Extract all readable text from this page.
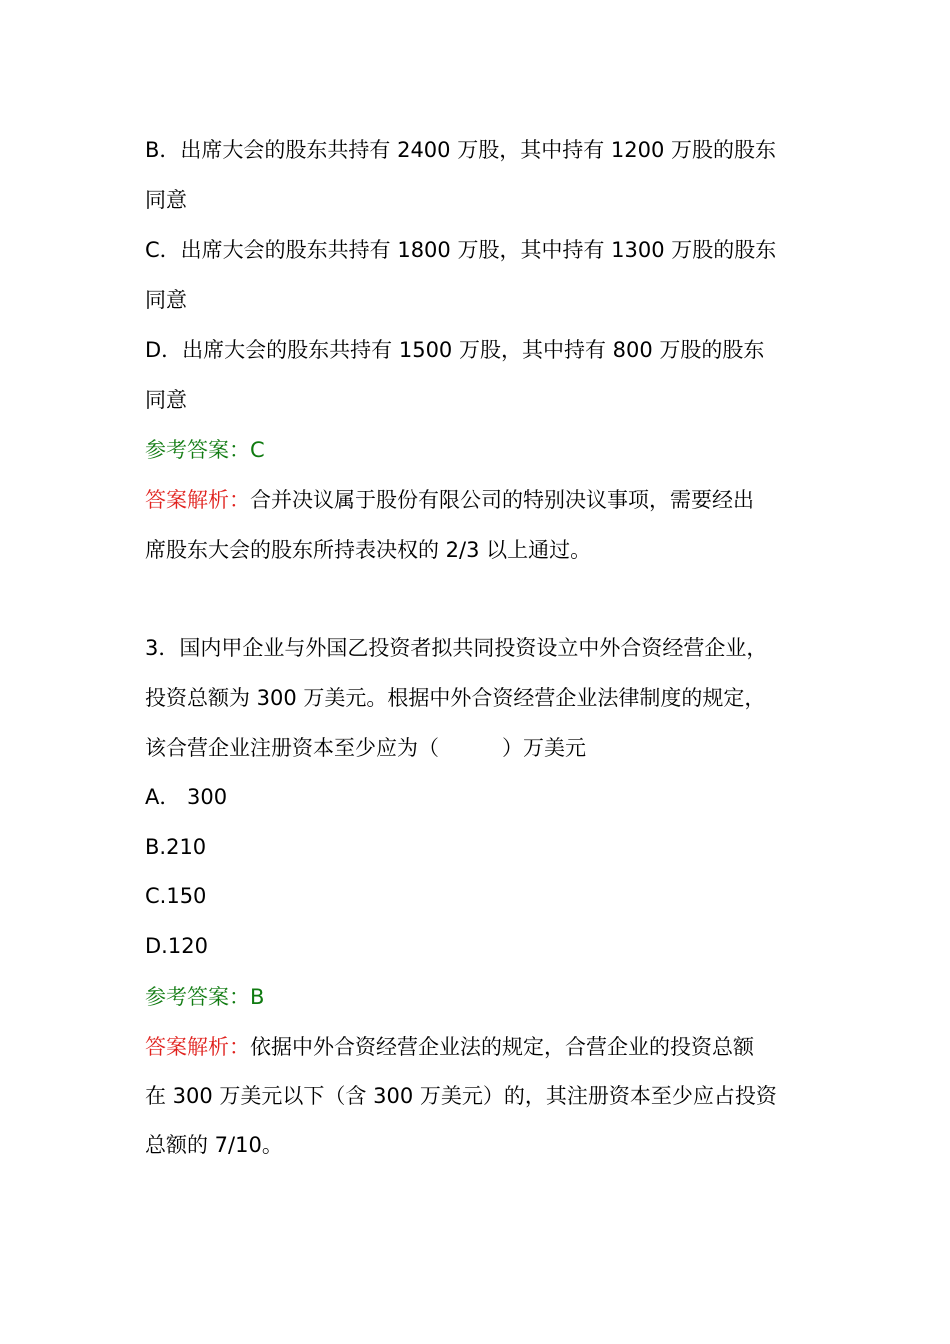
B．出席大会的股东共持有 2400 万股，其中持有 1200 万股的股东
同意
C．出席大会的股东共持有 1800 万股，其中持有 1300 万股的股东
同意
D．出席大会的股东共持有 1500 万股，其中持有 800 万股的股东
同意
参考答案：C
答案解析：合并决议属于股份有限公司的特别决议事项，需要经出
席股东大会的股东所持表决权的 2/3 以上通过。
3．国内甲企业与外国乙投资者拟共同投资设立中外合资经营企业，
投资总额为 300 万美元。根据中外合资经营企业法律制度的规定，
该合营企业注册资本至少应为（　　　）万美元
A． 300
B.210
C.150
D.120
参考答案：B
答案解析：依据中外合资经营企业法的规定，合营企业的投资总额
在 300 万美元以下（含 300 万美元）的，其注册资本至少应占投资
总额的 7/10。
